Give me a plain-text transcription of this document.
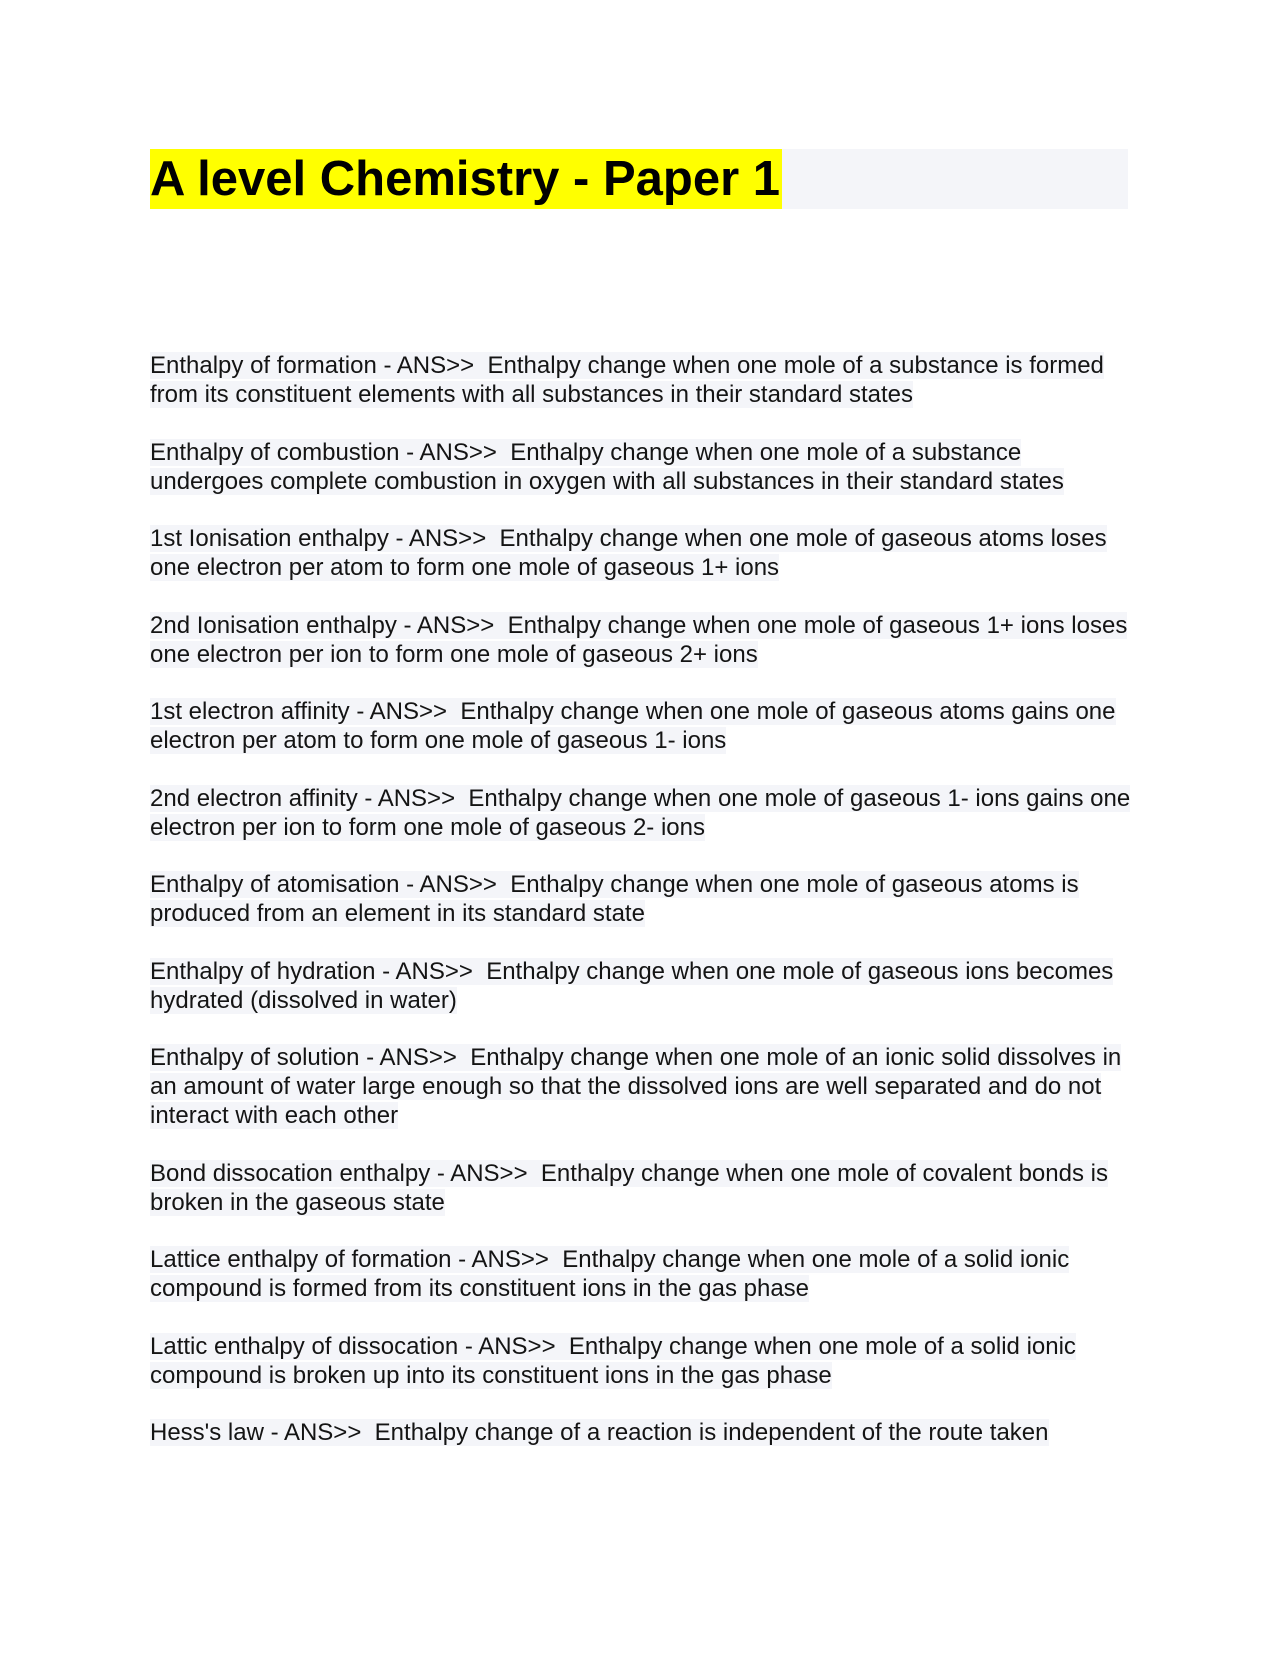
A level Chemistry - Paper 1

Enthalpy of formation - ANS>>  Enthalpy change when one mole of a substance is formed from its constituent elements with all substances in their standard states

Enthalpy of combustion - ANS>>  Enthalpy change when one mole of a substance undergoes complete combustion in oxygen with all substances in their standard states

1st Ionisation enthalpy - ANS>>  Enthalpy change when one mole of gaseous atoms loses one electron per atom to form one mole of gaseous 1+ ions

2nd Ionisation enthalpy - ANS>>  Enthalpy change when one mole of gaseous 1+ ions loses one electron per ion to form one mole of gaseous 2+ ions

1st electron affinity - ANS>>  Enthalpy change when one mole of gaseous atoms gains one electron per atom to form one mole of gaseous 1- ions

2nd electron affinity - ANS>>  Enthalpy change when one mole of gaseous 1- ions gains one electron per ion to form one mole of gaseous 2- ions

Enthalpy of atomisation - ANS>>  Enthalpy change when one mole of gaseous atoms is produced from an element in its standard state

Enthalpy of hydration - ANS>>  Enthalpy change when one mole of gaseous ions becomes hydrated (dissolved in water)

Enthalpy of solution - ANS>>  Enthalpy change when one mole of an ionic solid dissolves in an amount of water large enough so that the dissolved ions are well separated and do not interact with each other

Bond dissocation enthalpy - ANS>>  Enthalpy change when one mole of covalent bonds is broken in the gaseous state

Lattice enthalpy of formation - ANS>>  Enthalpy change when one mole of a solid ionic compound is formed from its constituent ions in the gas phase

Lattic enthalpy of dissocation - ANS>>  Enthalpy change when one mole of a solid ionic compound is broken up into its constituent ions in the gas phase

Hess's law - ANS>>  Enthalpy change of a reaction is independent of the route taken
